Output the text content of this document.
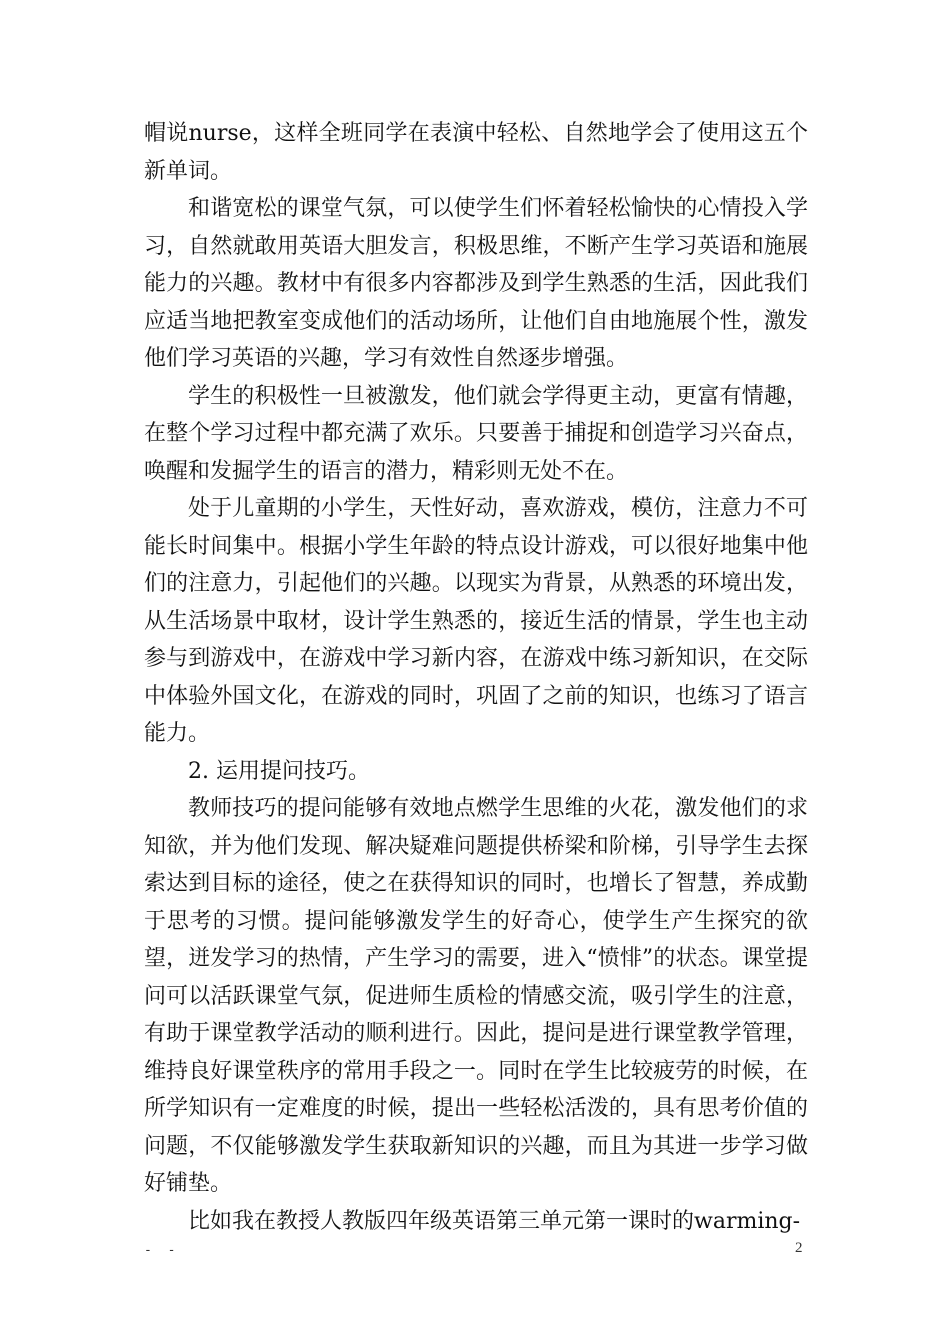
帽说nurse，这样全班同学在表演中轻松、自然地学会了使用这五个新单词。

和谐宽松的课堂气氛，可以使学生们怀着轻松愉快的心情投入学习，自然就敢用英语大胆发言，积极思维，不断产生学习英语和施展能力的兴趣。教材中有很多内容都涉及到学生熟悉的生活，因此我们应适当地把教室变成他们的活动场所，让他们自由地施展个性，激发他们学习英语的兴趣，学习有效性自然逐步增强。

学生的积极性一旦被激发，他们就会学得更主动，更富有情趣，在整个学习过程中都充满了欢乐。只要善于捕捉和创造学习兴奋点，唤醒和发掘学生的语言的潜力，精彩则无处不在。

处于儿童期的小学生，天性好动，喜欢游戏，模仿，注意力不可能长时间集中。根据小学生年龄的特点设计游戏，可以很好地集中他们的注意力，引起他们的兴趣。以现实为背景，从熟悉的环境出发，从生活场景中取材，设计学生熟悉的，接近生活的情景，学生也主动参与到游戏中，在游戏中学习新内容，在游戏中练习新知识，在交际中体验外国文化，在游戏的同时，巩固了之前的知识，也练习了语言能力。

2. 运用提问技巧。

教师技巧的提问能够有效地点燃学生思维的火花，激发他们的求知欲，并为他们发现、解决疑难问题提供桥梁和阶梯，引导学生去探索达到目标的途径，使之在获得知识的同时，也增长了智慧，养成勤于思考的习惯。提问能够激发学生的好奇心，使学生产生探究的欲望，迸发学习的热情，产生学习的需要，进入“愤悱”的状态。课堂提问可以活跃课堂气氛，促进师生质检的情感交流，吸引学生的注意，有助于课堂教学活动的顺利进行。因此，提问是进行课堂教学管理，维持良好课堂秩序的常用手段之一。同时在学生比较疲劳的时候，在所学知识有一定难度的时候，提出一些轻松活泼的，具有思考价值的问题，不仅能够激发学生获取新知识的兴趣，而且为其进一步学习做好铺垫。

比如我在教授人教版四年级英语第三单元第一课时的warming-

- -	2
